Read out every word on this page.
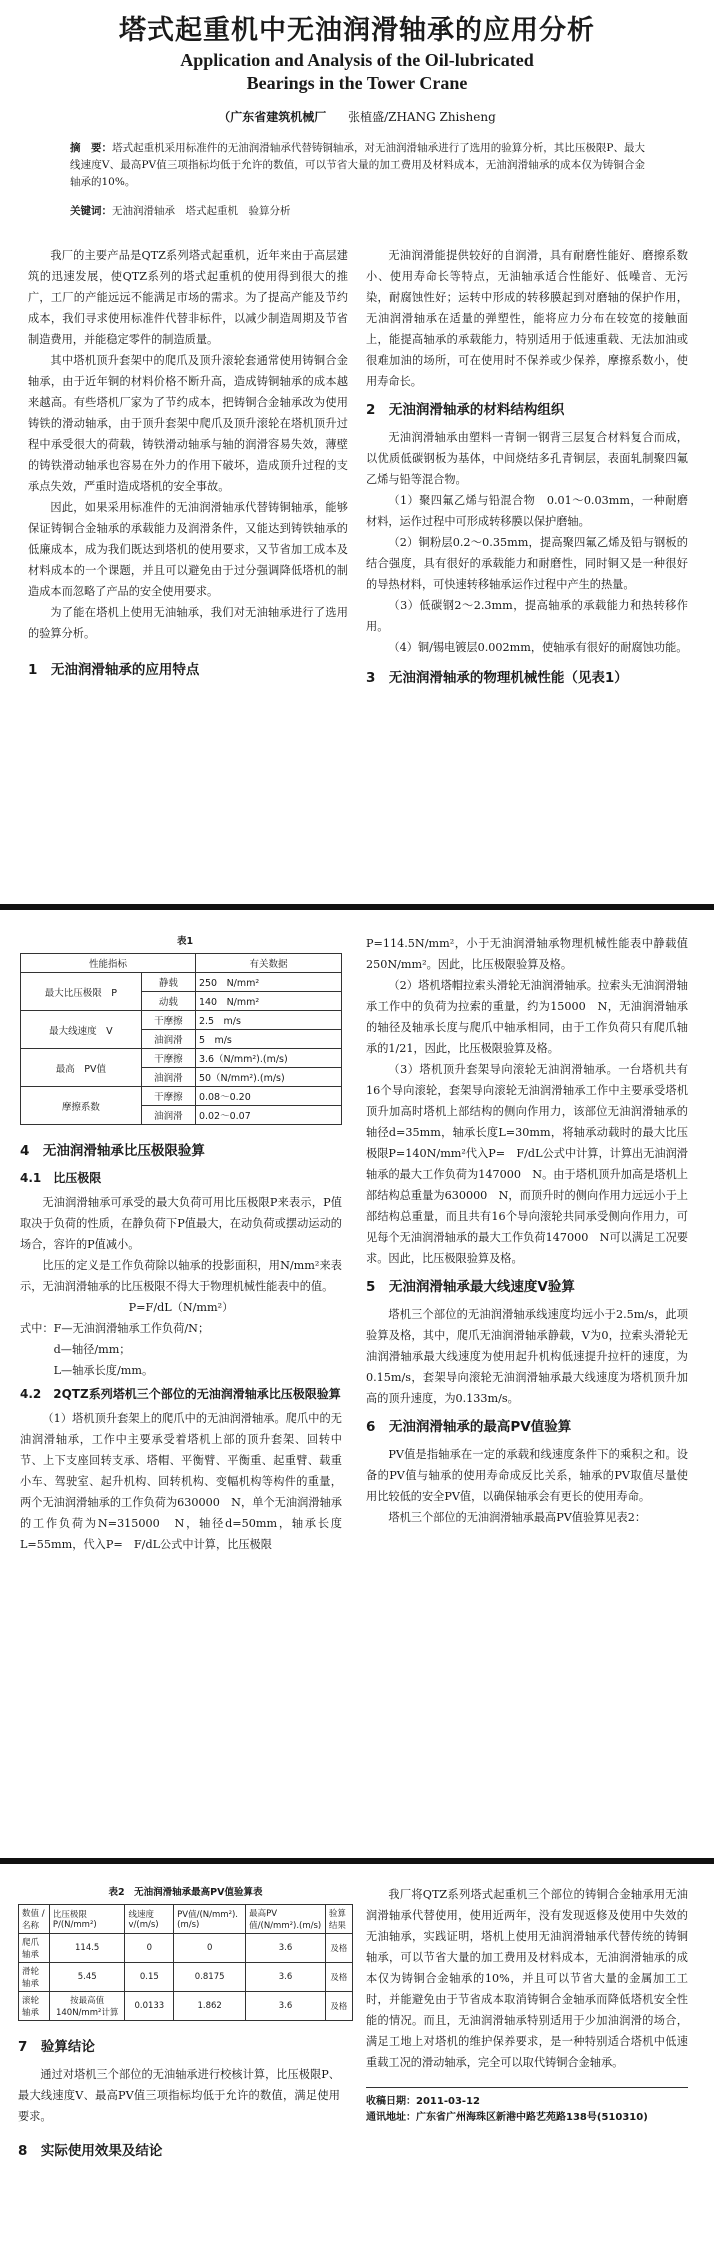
塔式起重机中无油润滑轴承的应用分析
Application and Analysis of the Oil-lubricated
Bearings in the Tower Crane
（广东省建筑机械厂 张植盛/ZHANG Zhisheng
摘　要：塔式起重机采用标准件的无油润滑轴承代替铸铜轴承，对无油润滑轴承进行了选用的验算分析，其比压极限P、最大线速度V、最高PV值三项指标均低于允许的数值，可以节省大量的加工费用及材料成本，无油润滑轴承的成本仅为铸铜合金轴承的10%。
关键词：无油润滑轴承　塔式起重机　验算分析

我厂的主要产品是QTZ系列塔式起重机，近年来由于高层建筑的迅速发展，使QTZ系列的塔式起重机的使用得到很大的推广，工厂的产能远远不能满足市场的需求。为了提高产能及节约成本，我们寻求使用标准件代替非标件，以减少制造周期及节省制造费用，并能稳定零件的制造质量。

其中塔机顶升套架中的爬爪及顶升滚轮套通常使用铸铜合金轴承，由于近年铜的材料价格不断升高，造成铸铜轴承的成本越来越高。有些塔机厂家为了节约成本，把铸铜合金轴承改为使用铸铁的滑动轴承，由于顶升套架中爬爪及顶升滚轮在塔机顶升过程中承受很大的荷载，铸铁滑动轴承与轴的润滑容易失效，薄壁的铸铁滑动轴承也容易在外力的作用下破坏，造成顶升过程的支承点失效，严重时造成塔机的安全事故。

因此，如果采用标准件的无油润滑轴承代替铸铜轴承，能够保证铸铜合金轴承的承载能力及润滑条件，又能达到铸铁轴承的低廉成本，成为我们既达到塔机的使用要求，又节省加工成本及材料成本的一个课题，并且可以避免由于过分强调降低塔机的制造成本而忽略了产品的安全使用要求。

为了能在塔机上使用无油轴承，我们对无油轴承进行了选用的验算分析。

1　无油润滑轴承的应用特点

无油润滑能提供较好的自润滑，具有耐磨性能好、磨擦系数小、使用寿命长等特点，无油轴承适合性能好、低噪音、无污染，耐腐蚀性好；运转中形成的转移膜起到对磨轴的保护作用，无油润滑轴承在适量的弹塑性，能将应力分布在较宽的接触面上，能提高轴承的承载能力，特别适用于低速重载、无法加油或很难加油的场所，可在使用时不保养或少保养，摩擦系数小，使用寿命长。

2　无油润滑轴承的材料结构组织

无油润滑轴承由塑料一青铜一钢背三层复合材料复合而成，以优质低碳钢板为基体，中间烧结多孔青铜层，表面轧制聚四氟乙烯与铅等混合物。

（1）聚四氟乙烯与铅混合物　0.01～0.03mm，一种耐磨材料，运作过程中可形成转移膜以保护磨轴。

（2）铜粉层0.2～0.35mm，提高聚四氟乙烯及铅与钢板的结合强度，具有很好的承载能力和耐磨性，同时铜又是一种很好的导热材料，可快速转移轴承运作过程中产生的热量。

（3）低碳钢2～2.3mm，提高轴承的承载能力和热转移作用。

（4）铜/锡电镀层0.002mm，使轴承有很好的耐腐蚀功能。

3　无油润滑轴承的物理机械性能（见表1）
表1
性能指标		有关数据
最大比压极限　P	静载	250　N/mm²
	动载	140　N/mm²
最大线速度　V	干摩擦	2.5　m/s
	油润滑	5　m/s
最高　PV值	干摩擦	3.6（N/mm²).(m/s)
	油润滑	50（N/mm²).(m/s)
摩擦系数	干摩擦	0.08～0.20
	油润滑	0.02～0.07
4　无油润滑轴承比压极限验算
4.1　比压极限

无油润滑轴承可承受的最大负荷可用比压极限P来表示，P值取决于负荷的性质，在静负荷下P值最大，在动负荷或摆动运动的场合，容许的P值减小。

比压的定义是工作负荷除以轴承的投影面积，用N/mm²来表示，无油润滑轴承的比压极限不得大于物理机械性能表中的值。

P=F/dL（N/mm²）

式中：F—无油润滑轴承工作负荷/N；

d—轴径/mm；

L—轴承长度/mm。

4.2　2QTZ系列塔机三个部位的无油润滑轴承比压极限验算

（1）塔机顶升套架上的爬爪中的无油润滑轴承。爬爪中的无油润滑轴承，工作中主要承受着塔机上部的顶升套架、回转中节、上下支座回转支承、塔帽、平衡臂、平衡重、起重臂、载重小车、驾驶室、起升机构、回转机构、变幅机构等构件的重量，两个无油润滑轴承的工作负荷为630000　N，单个无油润滑轴承的工作负荷为N=315000　N，轴径d=50mm，轴承长度L=55mm，代入P=　F/dL公式中计算，比压极限

P=114.5N/mm²，小于无油润滑轴承物理机械性能表中静载值250N/mm²。因此，比压极限验算及格。

（2）塔机塔帽拉索头滑轮无油润滑轴承。拉索头无油润滑轴承工作中的负荷为拉索的重量，约为15000　N，无油润滑轴承的轴径及轴承长度与爬爪中轴承相同，由于工作负荷只有爬爪轴承的1/21，因此，比压极限验算及格。

（3）塔机顶升套架导向滚轮无油润滑轴承。一台塔机共有16个导向滚轮，套架导向滚轮无油润滑轴承工作中主要承受塔机顶升加高时塔机上部结构的侧向作用力，该部位无油润滑轴承的轴径d=35mm，轴承长度L=30mm，将轴承动载时的最大比压极限P=140N/mm²代入P=　F/dL公式中计算，计算出无油润滑轴承的最大工作负荷为147000　N。由于塔机顶升加高是塔机上部结构总重量为630000　N，而顶升时的侧向作用力远远小于上部结构总重量，而且共有16个导向滚轮共同承受侧向作用力，可见每个无油润滑轴承的最大工作负荷147000　N可以满足工况要求。因此，比压极限验算及格。

5　无油润滑轴承最大线速度V验算

塔机三个部位的无油润滑轴承线速度均远小于2.5m/s，此项验算及格，其中，爬爪无油润滑轴承静载，V为0，拉索头滑轮无油润滑轴承最大线速度为使用起升机构低速提升拉杆的速度，为0.15m/s，套架导向滚轮无油润滑轴承最大线速度为塔机顶升加高的顶升速度，为0.133m/s。

6　无油润滑轴承的最高PV值验算

PV值是指轴承在一定的承载和线速度条件下的乘积之和。设备的PV值与轴承的使用寿命成反比关系，轴承的PV取值尽量使用比较低的安全PV值，以确保轴承会有更长的使用寿命。

塔机三个部位的无油润滑轴承最高PV值验算见表2：

表2　无油润滑轴承最高PV值验算表
数值 / 名称	比压极限P/(N/mm²)	线速度v/(m/s)	PV值/(N/mm²).(m/s)	最高PV值/(N/mm²).(m/s)	验算结果
爬爪轴承	114.5	0	0	3.6	及格
滑轮轴承	5.45	0.15	0.8175	3.6	及格
滚轮轴承	按最高值140N/mm²计算	0.0133	1.862	3.6	及格
7　验算结论

通过对塔机三个部位的无油轴承进行校核计算，比压极限P、最大线速度V、最高PV值三项指标均低于允许的数值，满足使用要求。

8　实际使用效果及结论

我厂将QTZ系列塔式起重机三个部位的铸铜合金轴承用无油润滑轴承代替使用，使用近两年，没有发现返修及使用中失效的无油轴承，实践证明，塔机上使用无油润滑轴承代替传统的铸铜轴承，可以节省大量的加工费用及材料成本，无油润滑轴承的成本仅为铸铜合金轴承的10%，并且可以节省大量的金属加工工时，并能避免由于节省成本取消铸铜合金轴承而降低塔机安全性能的情况。而且，无油润滑轴承特别适用于少加油润滑的场合，满足工地上对塔机的维护保养要求，是一种特别适合塔机中低速重载工况的滑动轴承，完全可以取代铸铜合金轴承。

收稿日期：2011-03-12
通讯地址：广东省广州海珠区新港中路艺苑路138号(510310)
